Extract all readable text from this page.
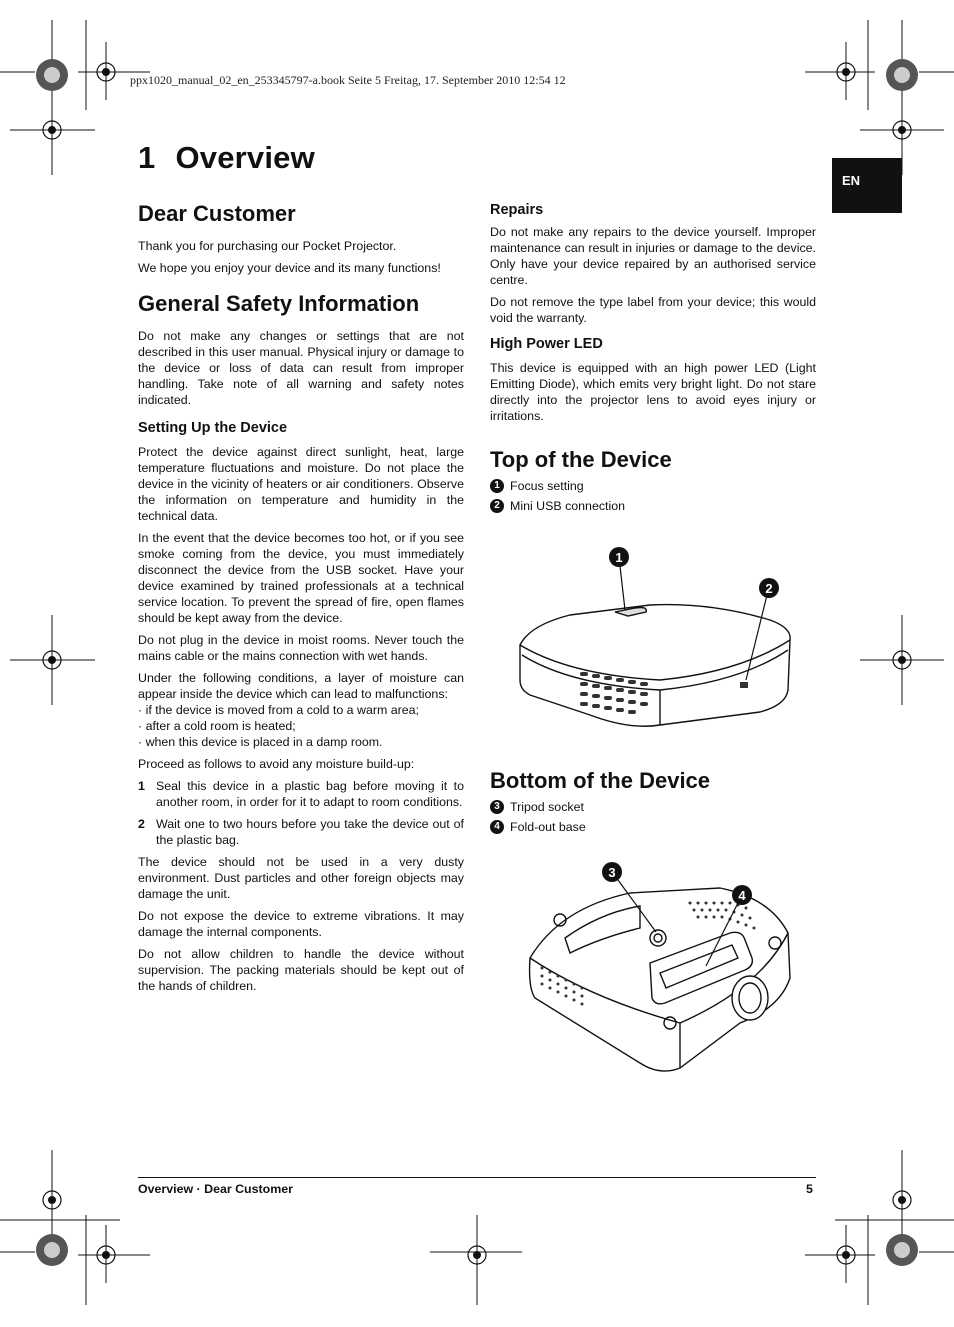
ppx1020_manual_02_en_253345797-a.book Seite 5 Freitag, 17. September 2010 12:54 12
1 Overview
EN
Dear Customer

Thank you for purchasing our Pocket Projector.

We hope you enjoy your device and its many functions!

General Safety Information

Do not make any changes or settings that are not described in this user manual. Physical injury or damage to the device or loss of data can result from improper handling. Take note of all warning and safety notes indicated.

Setting Up the Device

Protect the device against direct sunlight, heat, large temperature fluctuations and moisture. Do not place the device in the vicinity of heaters or air conditioners. Observe the information on temperature and humidity in the technical data.

In the event that the device becomes too hot, or if you see smoke coming from the device, you must immediately disconnect the device from the USB socket. Have your device examined by trained professionals at a technical service location. To prevent the spread of fire, open flames should be kept away from the device.

Do not plug in the device in moist rooms. Never touch the mains cable or the mains connection with wet hands.

Under the following conditions, a layer of moisture can appear inside the device which can lead to malfunctions:

· if the device is moved from a cold to a warm area;
· after a cold room is heated;
· when this device is placed in a damp room.

Proceed as follows to avoid any moisture build-up:

1 Seal this device in a plastic bag before moving it to another room, in order for it to adapt to room conditions.
2 Wait one to two hours before you take the device out of the plastic bag.

The device should not be used in a very dusty environment. Dust particles and other foreign objects may damage the unit.

Do not expose the device to extreme vibrations. It may damage the internal components.

Do not allow children to handle the device without supervision. The packing materials should be kept out of the hands of children.

Repairs

Do not make any repairs to the device yourself. Improper maintenance can result in injuries or damage to the device. Only have your device repaired by an authorised service centre.

Do not remove the type label from your device; this would void the warranty.

High Power LED

This device is equipped with an high power LED (Light Emitting Diode), which emits very bright light. Do not stare directly into the projector lens to avoid eyes injury or irritations.

Top of the Device
1 Focus setting
2 Mini USB connection
1
2
Bottom of the Device
3 Tripod socket
4 Fold-out base
3
4
Overview · Dear Customer	5
